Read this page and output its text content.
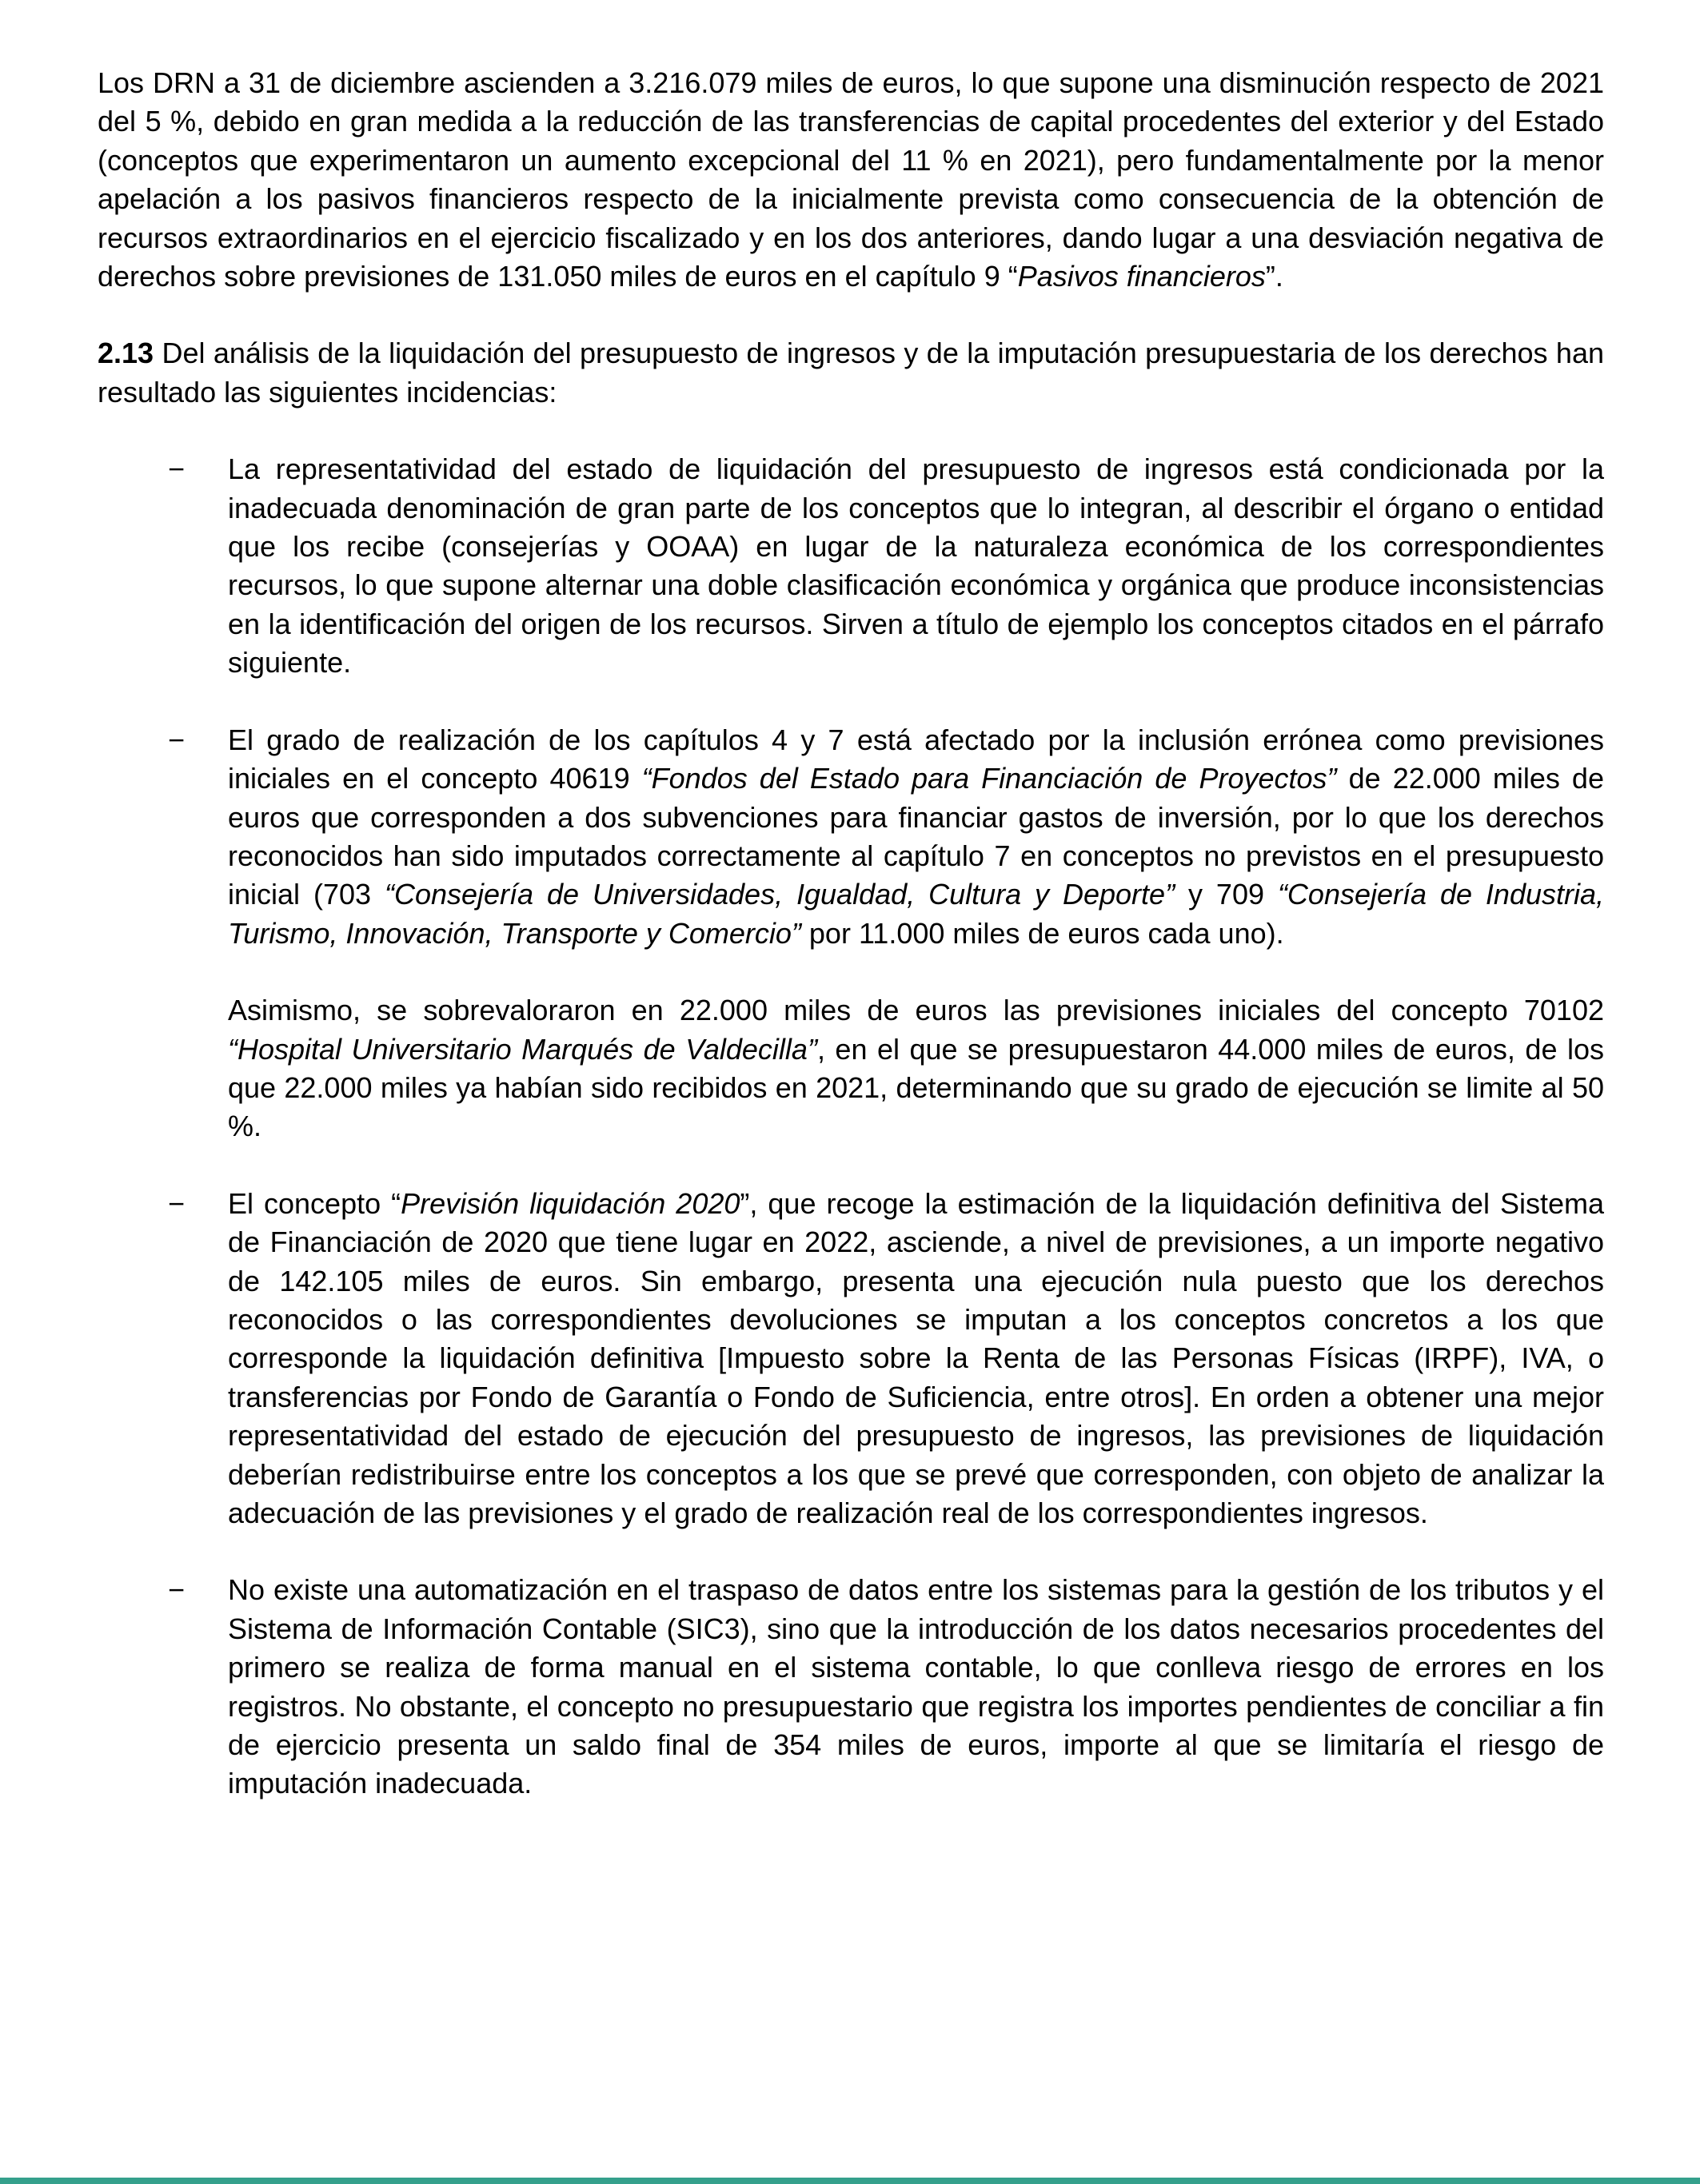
Los DRN a 31 de diciembre ascienden a 3.216.079 miles de euros, lo que supone una disminución respecto de 2021 del 5 %, debido en gran medida a la reducción de las transferencias de capital procedentes del exterior y del Estado (conceptos que experimentaron un aumento excepcional del 11 % en 2021), pero fundamentalmente por la menor apelación a los pasivos financieros respecto de la inicialmente prevista como consecuencia de la obtención de recursos extraordinarios en el ejercicio fiscalizado y en los dos anteriores, dando lugar a una desviación negativa de derechos sobre previsiones de 131.050 miles de euros en el capítulo 9 “Pasivos financieros”.

2.13 Del análisis de la liquidación del presupuesto de ingresos y de la imputación presupuestaria de los derechos han resultado las siguientes incidencias:

−	La representatividad del estado de liquidación del presupuesto de ingresos está condicionada por la inadecuada denominación de gran parte de los conceptos que lo integran, al describir el órgano o entidad que los recibe (consejerías y OOAA) en lugar de la naturaleza económica de los correspondientes recursos, lo que supone alternar una doble clasificación económica y orgánica que produce inconsistencias en la identificación del origen de los recursos. Sirven a título de ejemplo los conceptos citados en el párrafo siguiente.
−	El grado de realización de los capítulos 4 y 7 está afectado por la inclusión errónea como previsiones iniciales en el concepto 40619 “Fondos del Estado para Financiación de Proyectos” de 22.000 miles de euros que corresponden a dos subvenciones para financiar gastos de inversión, por lo que los derechos reconocidos han sido imputados correctamente al capítulo 7 en conceptos no previstos en el presupuesto inicial (703 “Consejería de Universidades, Igualdad, Cultura y Deporte” y 709 “Consejería de Industria, Turismo, Innovación, Transporte y Comercio” por 11.000 miles de euros cada uno).

Asimismo, se sobrevaloraron en 22.000 miles de euros las previsiones iniciales del concepto 70102 “Hospital Universitario Marqués de Valdecilla”, en el que se presupuestaron 44.000 miles de euros, de los que 22.000 miles ya habían sido recibidos en 2021, determinando que su grado de ejecución se limite al 50 %.

−	El concepto “Previsión liquidación 2020”, que recoge la estimación de la liquidación definitiva del Sistema de Financiación de 2020 que tiene lugar en 2022, asciende, a nivel de previsiones, a un importe negativo de 142.105 miles de euros. Sin embargo, presenta una ejecución nula puesto que los derechos reconocidos o las correspondientes devoluciones se imputan a los conceptos concretos a los que corresponde la liquidación definitiva [Impuesto sobre la Renta de las Personas Físicas (IRPF), IVA, o transferencias por Fondo de Garantía o Fondo de Suficiencia, entre otros]. En orden a obtener una mejor representatividad del estado de ejecución del presupuesto de ingresos, las previsiones de liquidación deberían redistribuirse entre los conceptos a los que se prevé que corresponden, con objeto de analizar la adecuación de las previsiones y el grado de realización real de los correspondientes ingresos.
−	No existe una automatización en el traspaso de datos entre los sistemas para la gestión de los tributos y el Sistema de Información Contable (SIC3), sino que la introducción de los datos necesarios procedentes del primero se realiza de forma manual en el sistema contable, lo que conlleva riesgo de errores en los registros. No obstante, el concepto no presupuestario que registra los importes pendientes de conciliar a fin de ejercicio presenta un saldo final de 354 miles de euros, importe al que se limitaría el riesgo de imputación inadecuada.
